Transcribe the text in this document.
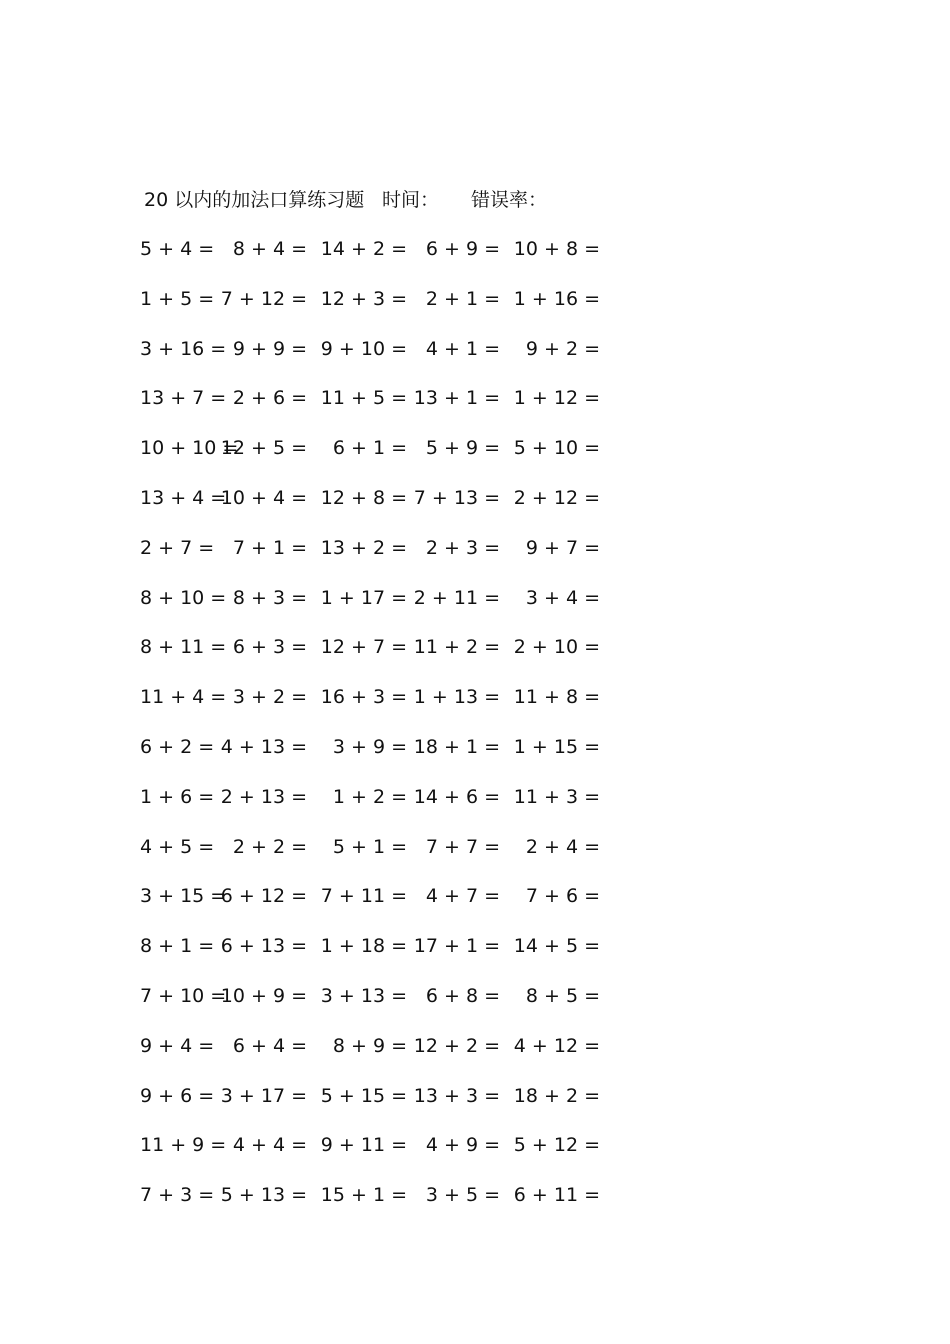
20 以内的加法口算练习题 时间： 错误率：
5 + 4 = 8 + 4 = 14 + 2 = 6 + 9 = 10 + 8 =
1 + 5 = 7 + 12 = 12 + 3 = 2 + 1 = 1 + 16 =
3 + 16 = 9 + 9 = 9 + 10 = 4 + 1 = 9 + 2 =
13 + 7 = 2 + 6 = 11 + 5 = 13 + 1 = 1 + 12 =
10 + 10 =
12 + 5 = 6 + 1 = 5 + 9 = 5 + 10 =
13 + 4 =
10 + 4 = 12 + 8 = 7 + 13 = 2 + 12 =
2 + 7 = 7 + 1 = 13 + 2 = 2 + 3 = 9 + 7 =
8 + 10 = 8 + 3 = 1 + 17 = 2 + 11 = 3 + 4 =
8 + 11 = 6 + 3 = 12 + 7 = 11 + 2 = 2 + 10 =
11 + 4 = 3 + 2 = 16 + 3 = 1 + 13 = 11 + 8 =
6 + 2 = 4 + 13 = 3 + 9 = 18 + 1 = 1 + 15 =
1 + 6 = 2 + 13 = 1 + 2 = 14 + 6 = 11 + 3 =
4 + 5 = 2 + 2 = 5 + 1 = 7 + 7 = 2 + 4 =
3 + 15 =
6 + 12 = 7 + 11 = 4 + 7 = 7 + 6 =
8 + 1 = 6 + 13 = 1 + 18 = 17 + 1 = 14 + 5 =
7 + 10 =
10 + 9 = 3 + 13 = 6 + 8 = 8 + 5 =
9 + 4 = 6 + 4 = 8 + 9 = 12 + 2 = 4 + 12 =
9 + 6 = 3 + 17 = 5 + 15 = 13 + 3 = 18 + 2 =
11 + 9 = 4 + 4 = 9 + 11 = 4 + 9 = 5 + 12 =
7 + 3 = 5 + 13 = 15 + 1 = 3 + 5 = 6 + 11 =
